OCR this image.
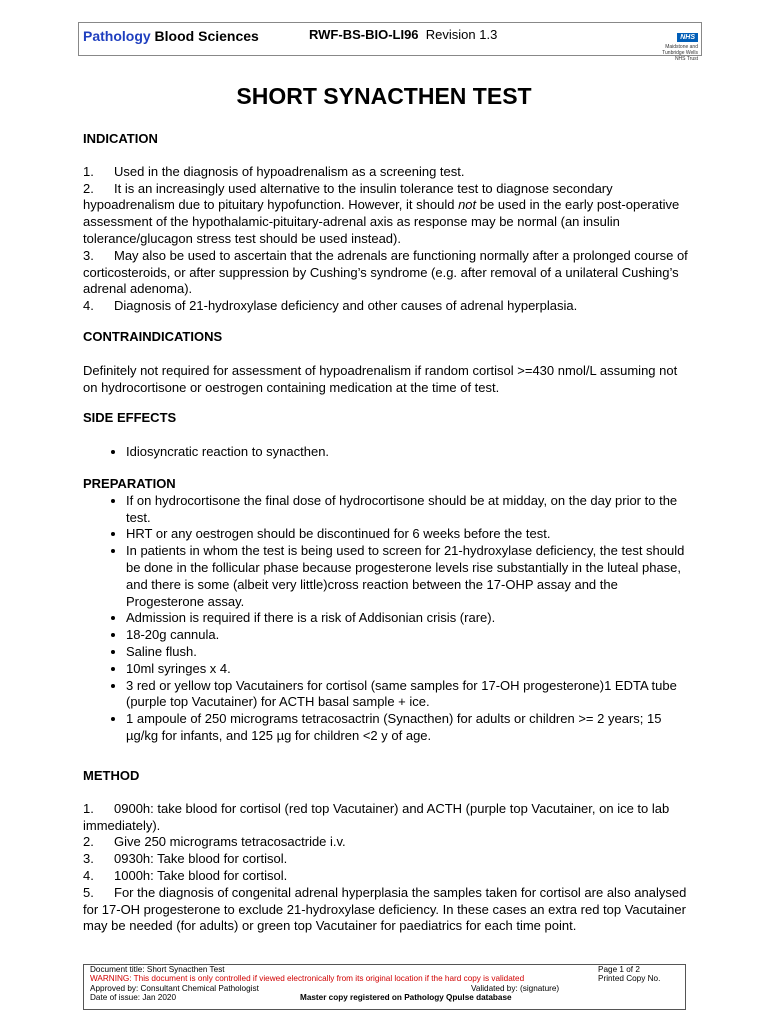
Pathology Blood Sciences	RWF-BS-BIO-LI96 Revision 1.3	NHS
Maidstone and
Tunbridge Wells
NHS Trust
SHORT SYNACTHEN TEST
INDICATION

1. Used in the diagnosis of hypoadrenalism as a screening test.

2. It is an increasingly used alternative to the insulin tolerance test to diagnose secondary hypoadrenalism due to pituitary hypofunction. However, it should not be used in the early post-operative assessment of the hypothalamic-pituitary-adrenal axis as response may be normal (an insulin tolerance/glucagon stress test should be used instead).

3. May also be used to ascertain that the adrenals are functioning normally after a prolonged course of corticosteroids, or after suppression by Cushing’s syndrome (e.g. after removal of a unilateral Cushing’s adrenal adenoma).

4. Diagnosis of 21-hydroxylase deficiency and other causes of adrenal hyperplasia.

CONTRAINDICATIONS

Definitely not required for assessment of hypoadrenalism if random cortisol >=430 nmol/L assuming not on hydrocortisone or oestrogen containing medication at the time of test.

SIDE EFFECTS
• Idiosyncratic reaction to synacthen.
PREPARATION
• If on hydrocortisone the final dose of hydrocortisone should be at midday, on the day prior to the test.
• HRT or any oestrogen should be discontinued for 6 weeks before the test.
• In patients in whom the test is being used to screen for 21-hydroxylase deficiency, the test should be done in the follicular phase because progesterone levels rise substantially in the luteal phase, and there is some (albeit very little)cross reaction between the 17-OHP assay and the Progesterone assay.
• Admission is required if there is a risk of Addisonian crisis (rare).
• 18-20g cannula.
• Saline flush.
• 10ml syringes x 4.
• 3 red or yellow top Vacutainers for cortisol (same samples for 17-OH progesterone)1 EDTA tube (purple top Vacutainer) for ACTH basal sample + ice.
• 1 ampoule of 250 micrograms tetracosactrin (Synacthen) for adults or children >= 2 years; 15 µg/kg for infants, and 125 µg for children <2 y of age.
METHOD

1. 0900h: take blood for cortisol (red top Vacutainer) and ACTH (purple top Vacutainer, on ice to lab immediately).

2. Give 250 micrograms tetracosactride i.v.

3. 0930h: Take blood for cortisol.

4. 1000h: Take blood for cortisol.

5. For the diagnosis of congenital adrenal hyperplasia the samples taken for cortisol are also analysed for 17-OH progesterone to exclude 21-hydroxylase deficiency. In these cases an extra red top Vacutainer may be needed (for adults) or green top Vacutainer for paediatrics for each time point.

Document title: Short Synacthen Test	Page 1 of 2
WARNING: This document is only controlled if viewed electronically from its original location if the hard copy is validated	Printed Copy No.
Approved by: Consultant Chemical Pathologist	Validated by: (signature)
Date of issue: Jan 2020	Master copy registered on Pathology Qpulse database
